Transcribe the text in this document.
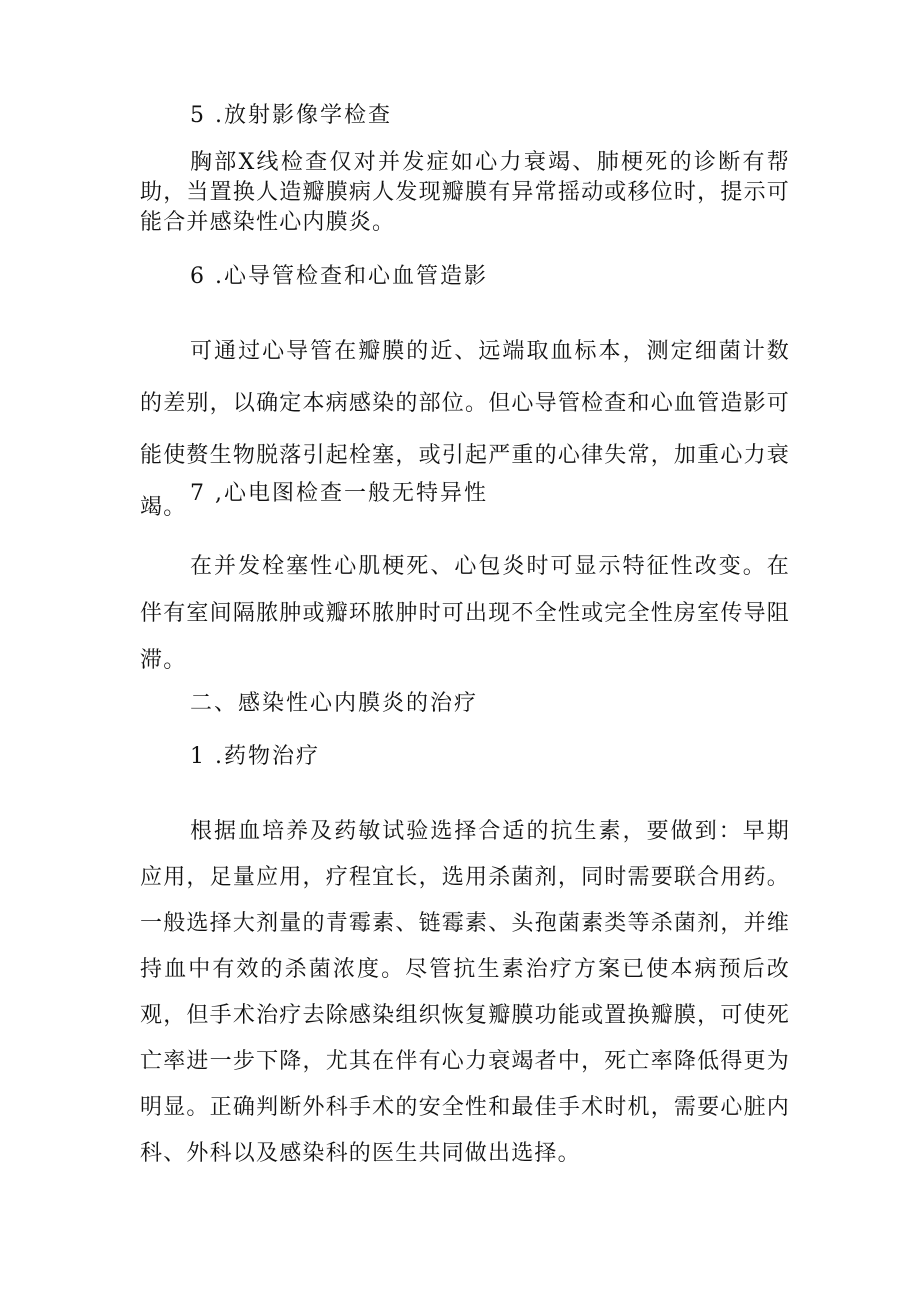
5 .放射影像学检查
胸部X线检查仅对并发症如心力衰竭、肺梗死的诊断有帮助，当置换人造瓣膜病人发现瓣膜有异常摇动或移位时，提示可能合并感染性心内膜炎。
6 .心导管检查和心血管造影
可通过心导管在瓣膜的近、远端取血标本，测定细菌计数的差别，以确定本病感染的部位。但心导管检查和心血管造影可能使赘生物脱落引起栓塞，或引起严重的心律失常，加重心力衰竭。
7 ,心电图检查一般无特异性
在并发栓塞性心肌梗死、心包炎时可显示特征性改变。在伴有室间隔脓肿或瓣环脓肿时可出现不全性或完全性房室传导阻滞。
二、感染性心内膜炎的治疗
1 .药物治疗
根据血培养及药敏试验选择合适的抗生素，要做到：早期应用，足量应用，疗程宜长，选用杀菌剂，同时需要联合用药。一般选择大剂量的青霉素、链霉素、头孢菌素类等杀菌剂，并维持血中有效的杀菌浓度。尽管抗生素治疗方案已使本病预后改观，但手术治疗去除感染组织恢复瓣膜功能或置换瓣膜，可使死亡率进一步下降，尤其在伴有心力衰竭者中，死亡率降低得更为明显。正确判断外科手术的安全性和最佳手术时机，需要心脏内科、外科以及感染科的医生共同做出选择。
